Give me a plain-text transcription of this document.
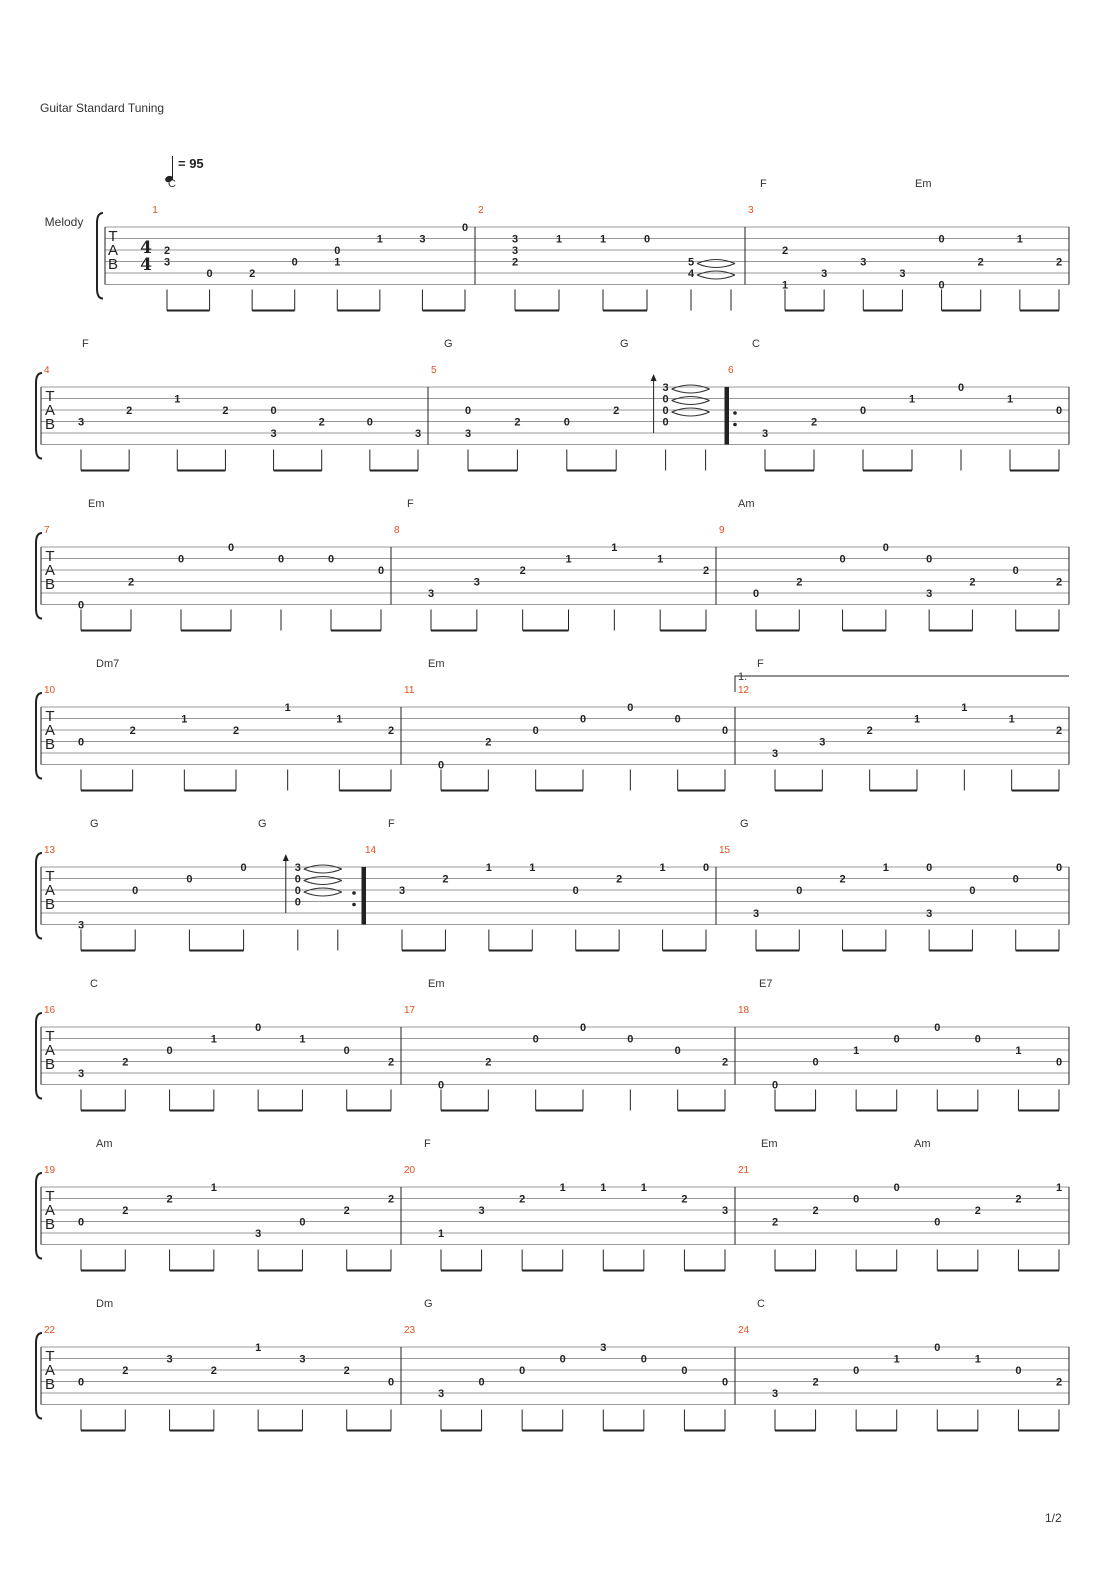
Guitar Standard Tuning
= 95
1/2
T
A
B
Melody
4
4
T
A
B
T
A
B
T
A
B
T
A
B
T
A
B
T
A
B
T
A
B
1.
1
C
2
3
0	2
0
0
1
1	3
0
2
3
3
2
1	1	0
5
4
3
F	Em
2
1
3
3
3
0
0
2
1
2
4
F
3
2
1
2	0
3
2	0
3
5
G	G
0
3
2	0
2
3
0
0
0
6
C
3
2
0
1
0
1
0
7
Em
0
2
0
0
0	0
0
8
F
3
3
2
1
1
1
2
9
Am
0
2
0
0
0
3
2
0
2
10
Dm7
0
2
1
2
1
1
2
11
Em
0
2
0
0
0
0
0
12
F
3
3
2
1
1
1
2
13
G	G
3
0
0
0	3
0
0
0
14
F
3
2
1	1
0
2
1	0
15
G
3
0
2
1	0
3
0
0
0
16
C
3
2
0
1
0
1
0
2
17
Em
0
2
0
0
0
0
2
18
E7
0
0
1
0
0
0
1
0
19
Am
0
2
2
1
3
0
2
2
20
F
1
3
2
1	1	1
2
3
21
Em	Am
2
2
0
0
0
2
2
1
22
Dm
0
2
3
2
1
3
2
0
23
G
3
0
0
0
3
0
0
0
24
C
3
2
0
1
0
1
0
2
